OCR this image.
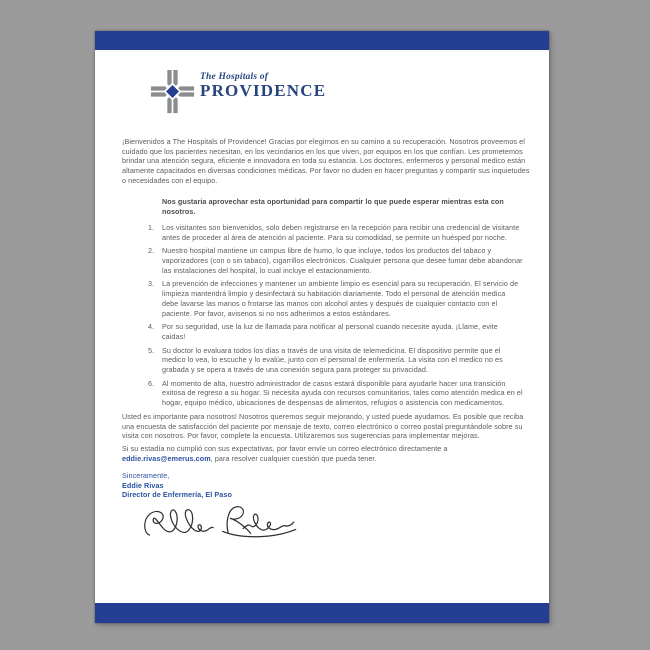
The Hospitals of
PROVIDENCE

¡Bienvenidos a The Hospitals of Providence! Gracias por elegirnos en su camino a su recuperación. Nosotros proveemos el cuidado que los pacientes necesitan, en los vecindarios en los que viven, por equipos en los que confían. Les prometemos brindar una atención segura, eficiente e innovadora en toda su estancia. Los doctores, enfermeros y personal medico están altamente capacitados en diversas condiciones médicas. Por favor no duden en hacer preguntas y compartir sus inquietudes o necesidades con el equipo.

Nos gustaria aprovechar esta oportunidad para compartir lo que puede esperar mientras esta con nosotros.

Los visitantes son bienvenidos, solo deben registrarse en la recepción para recibir una credencial de visitante antes de proceder al área de atención al paciente. Para su comodidad, se permite un huésped por noche.
Nuestro hospital mantiene un campus libre de humo, lo que incluye, todos los productos del tabaco y vaporizadores (con o sin tabaco), cigarrillos electrónicos. Cualquier persona que desee fumar debe abandonar las instalaciones del hospital, lo cual incluye el estacionamiento.
La prevención de infecciones y mantener un ambiente limpio es esencial para su recuperación. El servicio de limpieza mantendrá limpio y desinfectará su habitación diariamente. Todo el personal de atención medica debe lavarse las manos o frotarse las manos con alcohol antes y después de cualquier contacto con el paciente. Por favor, avisenos si no nos adherimos a estos estándares.
Por su seguridad, use la luz de llamada para notificar al personal cuando necesite ayuda. ¡Llame, evite caidas!
Su doctor lo evaluara todos los días a través de una visita de telemedicina. El dispositivo permite que el medico lo vea, lo escuche y lo evalúe, junto con el personal de enfermería. La visita con el medico no es grabada y se opera a través de una conexión segura para proteger su privacidad.
Al momento de alta, nuestro administrador de casos estará disponible para ayudarle hacer una transición exitosa de regreso a su hogar. Si necesita ayuda con recursos comunitarios, tales como atención medica en el hogar, equipo médico, ubicaciones de despensas de alimentos, refugios o asistencia con medicamentos.

Usted es importante para nosotros! Nosotros queremos seguir mejorando, y usted puede ayudarnos. Es posible que reciba una encuesta de satisfacción del paciente por mensaje de texto, correo electrónico o correo postal preguntándole sobre su visita con nosotros. Por favor, complete la encuesta. Utilizaremos sus sugerencias para implementar mejoras.

Si su estadía no cumplió con sus expectativas, por favor envíe un correo electrónico directamente a eddie.rivas@emerus.com, para resolver cualquier cuestión que pueda tener.

Sinceramente,
Eddie Rivas
Director de Enfermería, El Paso
